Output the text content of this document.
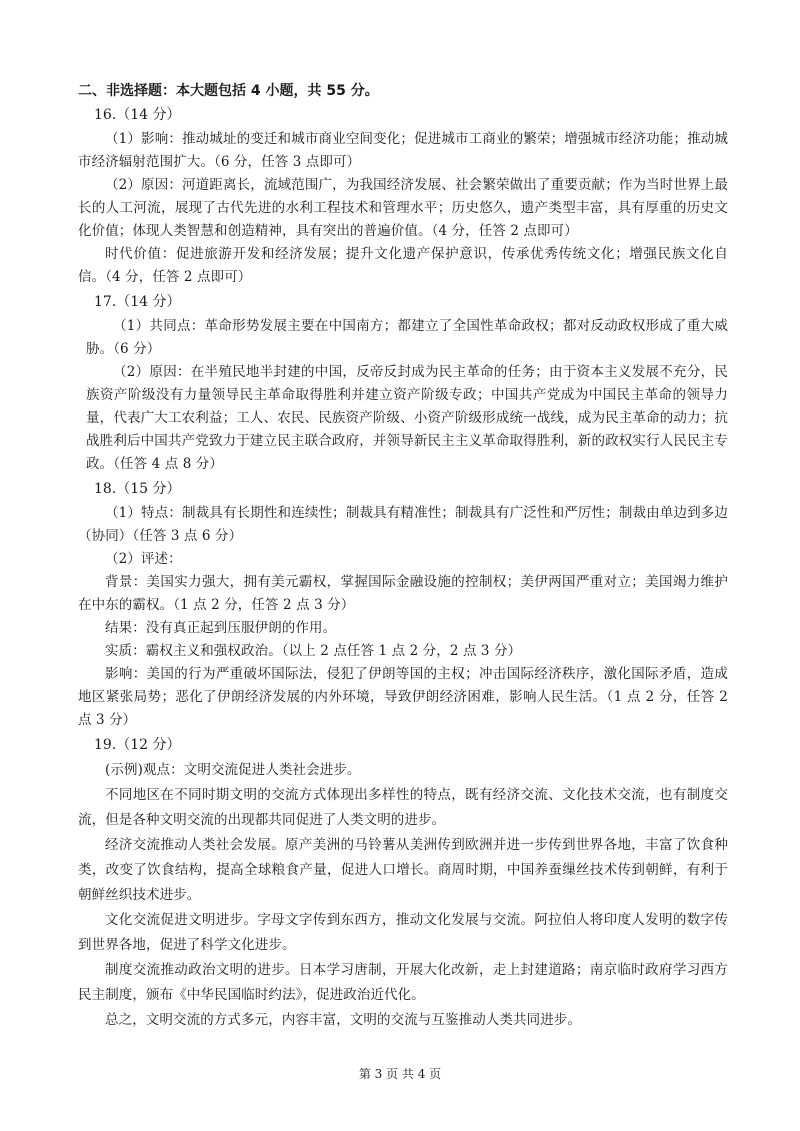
二、非选择题：本大题包括 4 小题，共 55 分。
16.（14 分）

（1）影响：推动城址的变迁和城市商业空间变化；促进城市工商业的繁荣；增强城市经济功能；推动城市经济辐射范围扩大。（6 分，任答 3 点即可）

（2）原因：河道距离长，流域范围广，为我国经济发展、社会繁荣做出了重要贡献；作为当时世界上最长的人工河流，展现了古代先进的水利工程技术和管理水平；历史悠久，遗产类型丰富，具有厚重的历史文化价值；体现人类智慧和创造精神，具有突出的普遍价值。（4 分，任答 2 点即可）

时代价值：促进旅游开发和经济发展；提升文化遗产保护意识，传承优秀传统文化；增强民族文化自信。（4 分，任答 2 点即可）

17.（14 分）

（1）共同点：革命形势发展主要在中国南方；都建立了全国性革命政权；都对反动政权形成了重大威胁。（6 分）

（2）原因：在半殖民地半封建的中国，反帝反封成为民主革命的任务；由于资本主义发展不充分，民族资产阶级没有力量领导民主革命取得胜利并建立资产阶级专政；中国共产党成为中国民主革命的领导力量，代表广大工农利益；工人、农民、民族资产阶级、小资产阶级形成统一战线，成为民主革命的动力；抗战胜利后中国共产党致力于建立民主联合政府，并领导新民主主义革命取得胜利，新的政权实行人民民主专政。（任答 4 点 8 分）

18.（15 分）

（1）特点：制裁具有长期性和连续性；制裁具有精准性；制裁具有广泛性和严厉性；制裁由单边到多边（协同）（任答 3 点 6 分）

（2）评述：

背景：美国实力强大，拥有美元霸权，掌握国际金融设施的控制权；美伊两国严重对立；美国竭力维护在中东的霸权。（1 点 2 分，任答 2 点 3 分）

结果：没有真正起到压服伊朗的作用。

实质：霸权主义和强权政治。（以上 2 点任答 1 点 2 分，2 点 3 分）

影响：美国的行为严重破坏国际法，侵犯了伊朗等国的主权；冲击国际经济秩序，激化国际矛盾，造成地区紧张局势；恶化了伊朗经济发展的内外环境，导致伊朗经济困难，影响人民生活。（1 点 2 分，任答 2 点 3 分）

19.（12 分）

(示例)观点：文明交流促进人类社会进步。

不同地区在不同时期文明的交流方式体现出多样性的特点，既有经济交流、文化技术交流，也有制度交流，但是各种文明交流的出现都共同促进了人类文明的进步。

经济交流推动人类社会发展。原产美洲的马铃薯从美洲传到欧洲并进一步传到世界各地，丰富了饮食种类，改变了饮食结构，提高全球粮食产量，促进人口增长。商周时期，中国养蚕缫丝技术传到朝鲜，有利于朝鲜丝织技术进步。

文化交流促进文明进步。字母文字传到东西方，推动文化发展与交流。阿拉伯人将印度人发明的数字传到世界各地，促进了科学文化进步。

制度交流推动政治文明的进步。日本学习唐制，开展大化改新，走上封建道路；南京临时政府学习西方民主制度，颁布《中华民国临时约法》，促进政治近代化。

总之，文明交流的方式多元，内容丰富，文明的交流与互鉴推动人类共同进步。

第 3 页 共 4 页
